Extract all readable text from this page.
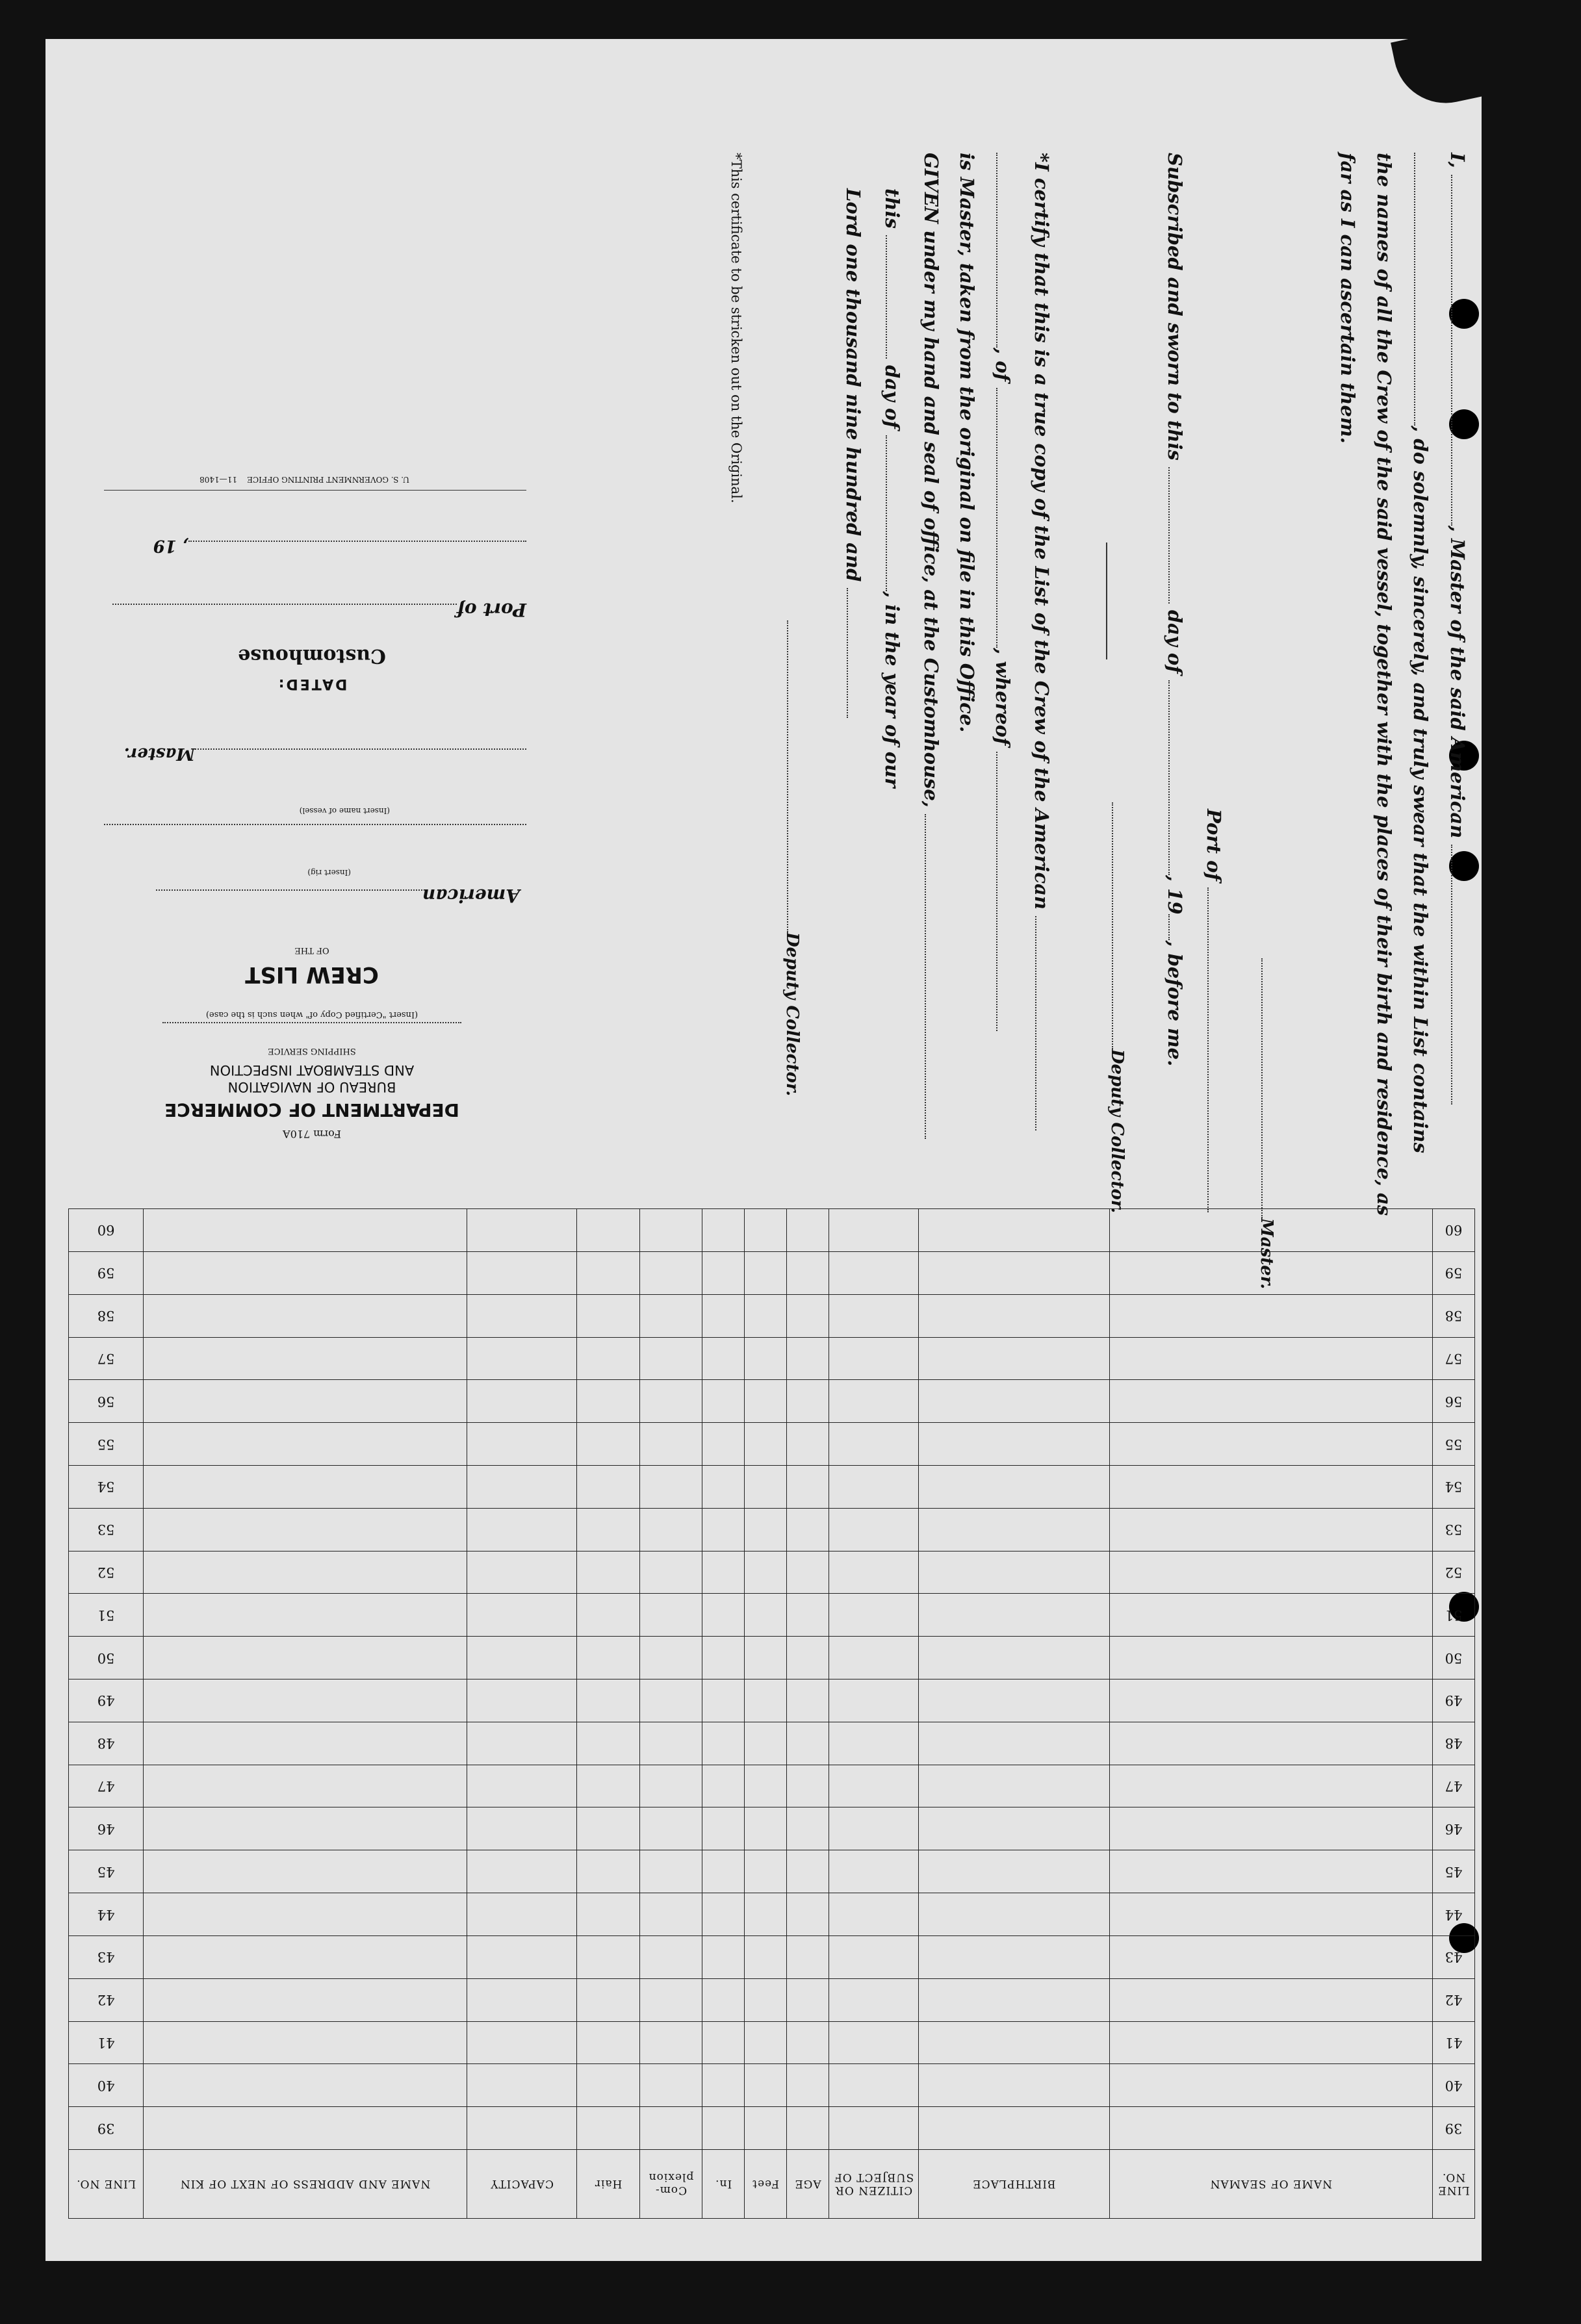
I, , Master of the said American
, do solemnly, sincerely, and truly swear that the within List contains
the names of all the Crew of the said vessel, together with the places of their birth and residence, as
far as I can ascertain them.
Master.
Port of
Subscribed and sworn to this  day of , 19, before me.
Deputy Collector.
*I certify that this is a true copy of the List of the Crew of the American
, of , whereof
is Master, taken from the original on file in this Office.
GIVEN under my hand and seal of office, at the Customhouse,
this  day of , in the year of our
Lord one thousand nine hundred and
Deputy Collector.
*This certificate to be stricken out on the Original.
Form 710A
DEPARTMENT OF COMMERCE
BUREAU OF NAVIGATION
AND STEAMBOAT INSPECTION
SHIPPING SERVICE
(Insert "Certified Copy of" when such is the case)
CREW LIST
OF THE
American
(Insert rig)
(Insert name of vessel)
Master.
DATED:
Customhouse
Port of
, 19
U. S. GOVERNMENT PRINTING OFFICE    11—1408
LINE NO.	NAME OF SEAMAN	BIRTHPLACE	CITIZEN OR SUBJECT OF	AGE	Feet	In.	Com- plexion	Hair	CAPACITY	NAME AND ADDRESS OF NEXT OF KIN	LINE NO.
39											39
40											40
41											41
42											42
43											43
44											44
45											45
46											46
47											47
48											48
49											49
50											50
51											51
52											52
53											53
54											54
55											55
56											56
57											57
58											58
59											59
60											60
